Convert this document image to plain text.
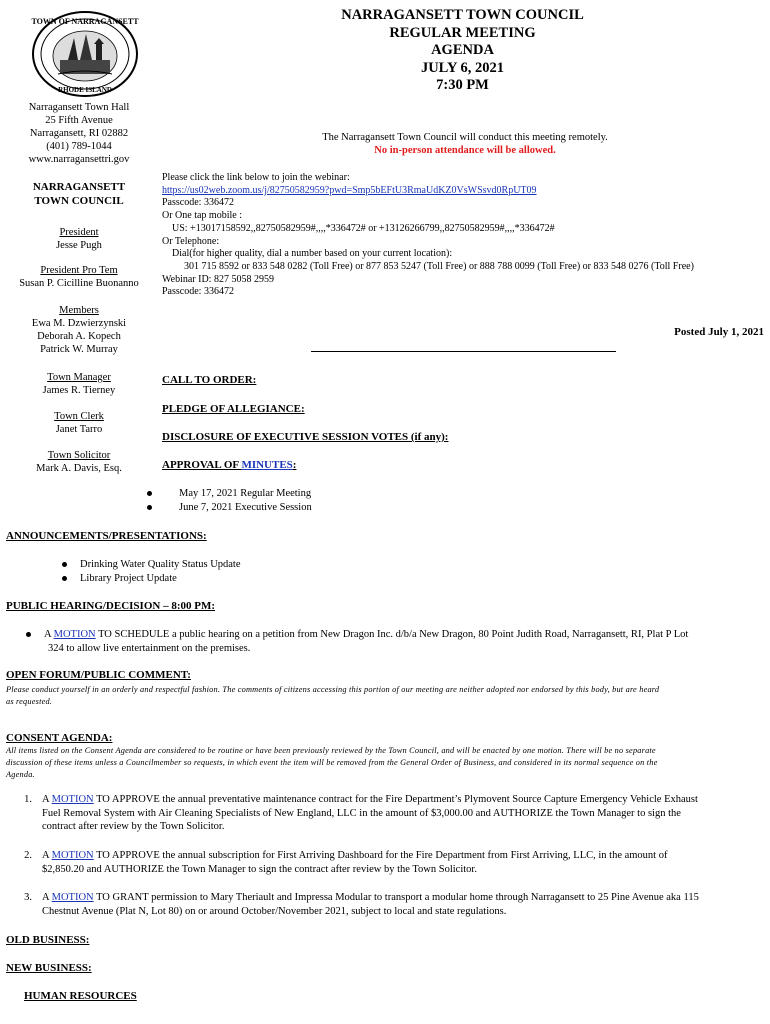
TOWN OF NARRAGANSETT
RHODE ISLAND
NARRAGANSETT TOWN COUNCIL
REGULAR MEETING
AGENDA
JULY 6, 2021
7:30 PM
Narragansett Town Hall
25 Fifth Avenue
Narragansett, RI 02882
(401) 789-1044
www.narragansettri.gov
NARRAGANSETT
TOWN COUNCIL
President
Jesse Pugh
President Pro Tem
Susan P. Cicilline Buonanno
Members
Ewa M. Dzwierzynski
Deborah A. Kopech
Patrick W. Murray
Town Manager
James R. Tierney
Town Clerk
Janet Tarro
Town Solicitor
Mark A. Davis, Esq.
The Narragansett Town Council will conduct this meeting remotely.
No in-person attendance will be allowed.
Please click the link below to join the webinar:
https://us02web.zoom.us/j/82750582959?pwd=Smp5bEFtU3RmaUdKZ0VsWSsvd0RpUT09
Passcode: 336472
Or One tap mobile :
US: +13017158592,,82750582959#,,,,*336472# or +13126266799,,82750582959#,,,,*336472#
Or Telephone:
Dial(for higher quality, dial a number based on your current location):
301 715 8592 or 833 548 0282 (Toll Free) or 877 853 5247 (Toll Free) or 888 788 0099 (Toll Free) or 833 548 0276 (Toll Free)
Webinar ID: 827 5058 2959
Passcode: 336472
Posted July 1, 2021
CALL TO ORDER:
PLEDGE OF ALLEGIANCE:
DISCLOSURE OF EXECUTIVE SESSION VOTES (if any):
APPROVAL OF MINUTES:
May 17, 2021 Regular Meeting
June 7, 2021 Executive Session
ANNOUNCEMENTS/PRESENTATIONS:
Drinking Water Quality Status Update
Library Project Update
PUBLIC HEARING/DECISION – 8:00 PM:
A MOTION TO SCHEDULE a public hearing on a petition from New Dragon Inc. d/b/a New Dragon, 80 Point Judith Road, Narragansett, RI, Plat P Lot
324 to allow live entertainment on the premises.
OPEN FORUM/PUBLIC COMMENT:
Please conduct yourself in an orderly and respectful fashion. The comments of citizens accessing this portion of our meeting are neither adopted nor endorsed by this body, but are heard
as requested.
CONSENT AGENDA:
All items listed on the Consent Agenda are considered to be routine or have been previously reviewed by the Town Council, and will be enacted by one motion. There will be no separate
discussion of these items unless a Councilmember so requests, in which event the item will be removed from the General Order of Business, and considered in its normal sequence on the
Agenda.
1. A MOTION TO APPROVE the annual preventative maintenance contract for the Fire Department’s Plymovent Source Capture Emergency Vehicle Exhaust
Fuel Removal System with Air Cleaning Specialists of New England, LLC in the amount of $3,000.00 and AUTHORIZE the Town Manager to sign the
contract after review by the Town Solicitor.
2. A MOTION TO APPROVE the annual subscription for First Arriving Dashboard for the Fire Department from First Arriving, LLC, in the amount of
$2,850.20 and AUTHORIZE the Town Manager to sign the contract after review by the Town Solicitor.
3. A MOTION TO GRANT permission to Mary Theriault and Impressa Modular to transport a modular home through Narragansett to 25 Pine Avenue aka 115
Chestnut Avenue (Plat N, Lot 80) on or around October/November 2021, subject to local and state regulations.
OLD BUSINESS:
NEW BUSINESS:
HUMAN RESOURCES
